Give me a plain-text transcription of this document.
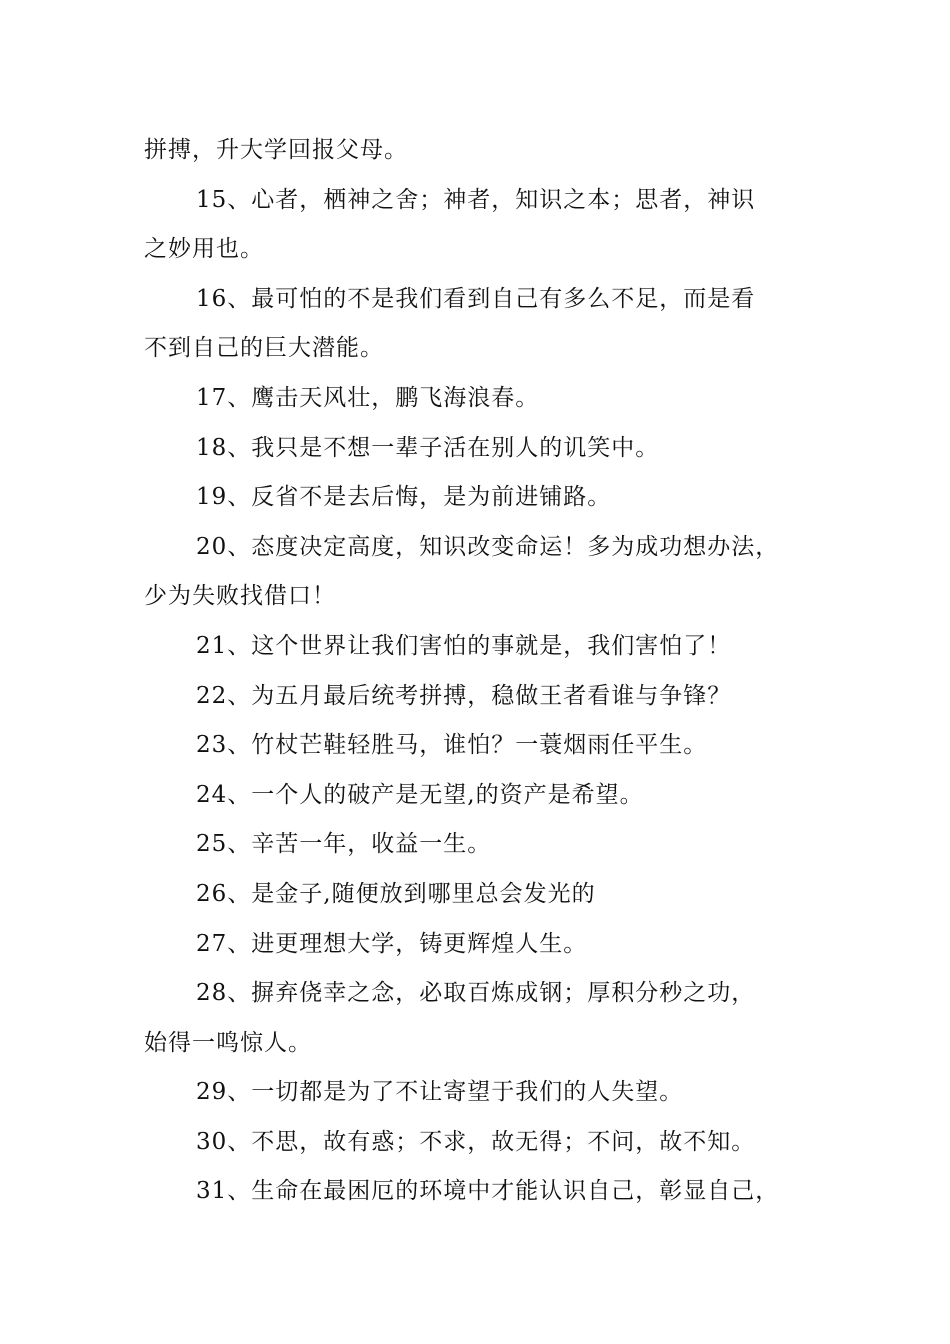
拼搏，升大学回报父母。

15、心者，栖神之舍；神者，知识之本；思者，神识

之妙用也。

16、最可怕的不是我们看到自己有多么不足，而是看

不到自己的巨大潜能。

17、鹰击天风壮，鹏飞海浪春。

18、我只是不想一辈子活在别人的讥笑中。

19、反省不是去后悔，是为前进铺路。

20、态度决定高度，知识改变命运！多为成功想办法，

少为失败找借口！

21、这个世界让我们害怕的事就是，我们害怕了！

22、为五月最后统考拼搏，稳做王者看谁与争锋？

23、竹杖芒鞋轻胜马，谁怕？一蓑烟雨任平生。

24、一个人的破产是无望,的资产是希望。

25、辛苦一年，收益一生。

26、是金子,随便放到哪里总会发光的

27、进更理想大学，铸更辉煌人生。

28、摒弃侥幸之念，必取百炼成钢；厚积分秒之功，

始得一鸣惊人。

29、一切都是为了不让寄望于我们的人失望。

30、不思，故有惑；不求，故无得；不问，故不知。

31、生命在最困厄的环境中才能认识自己，彰显自己，
